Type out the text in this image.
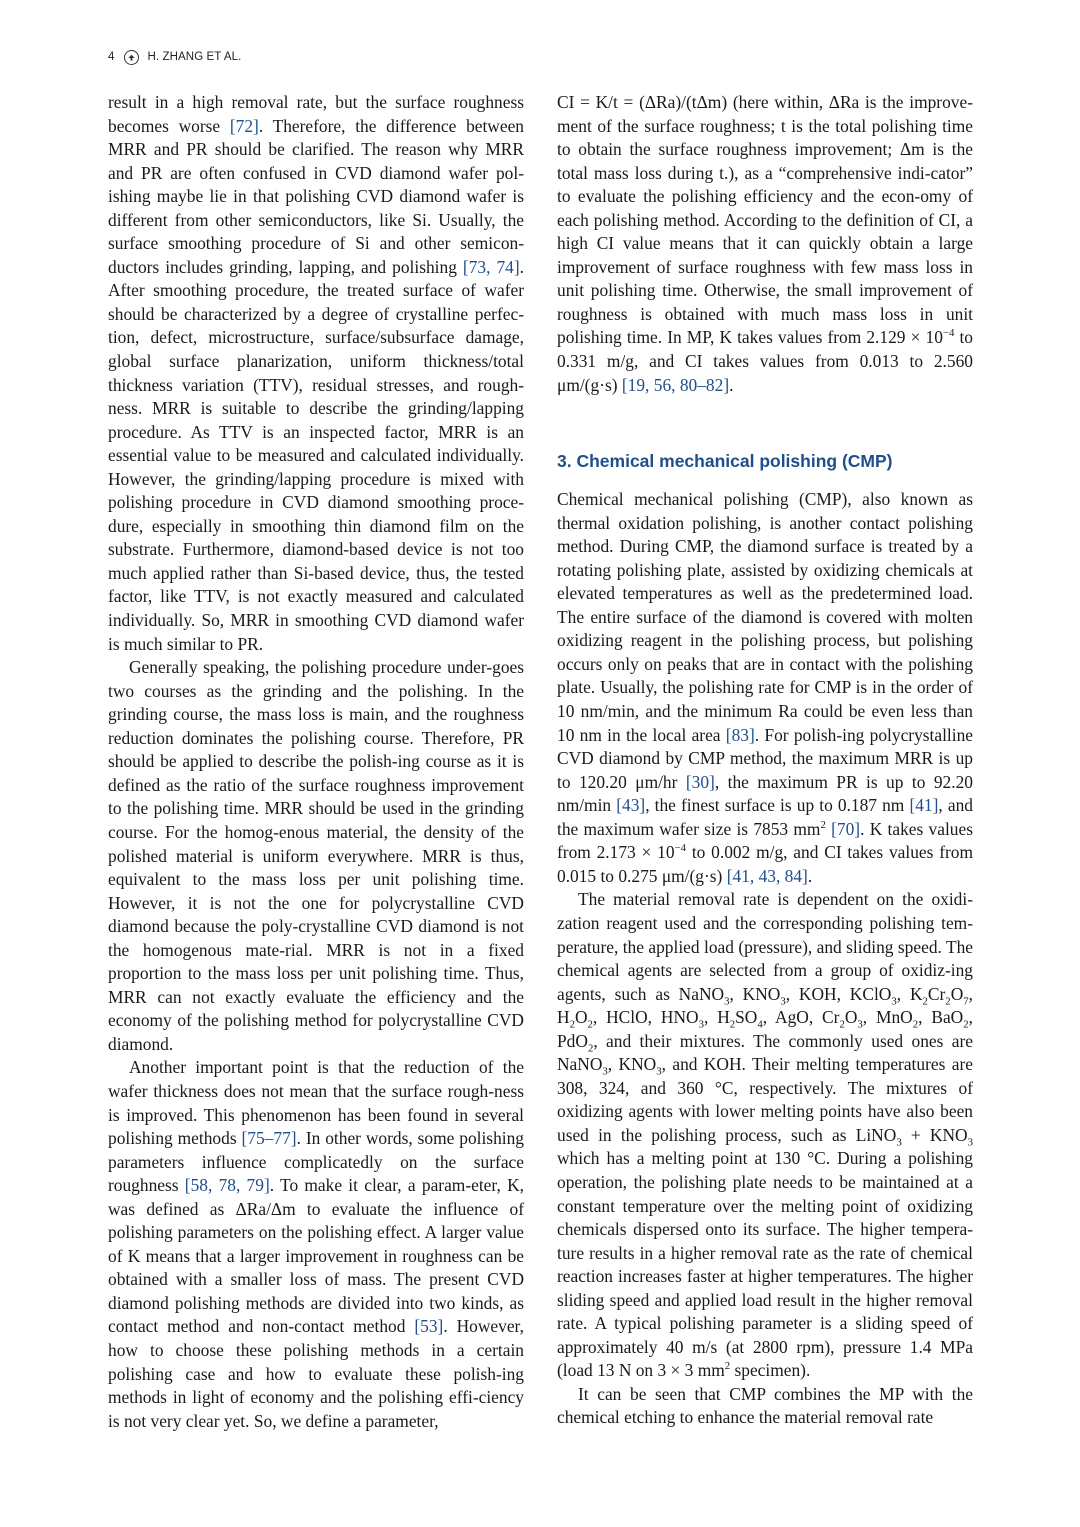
4	H. ZHANG ET AL.

result in a high removal rate, but the surface roughness becomes worse [72]. Therefore, the difference between MRR and PR should be clarified. The reason why MRR and PR are often confused in CVD diamond wafer pol-ishing maybe lie in that polishing CVD diamond wafer is different from other semiconductors, like Si. Usually, the surface smoothing procedure of Si and other semicon-ductors includes grinding, lapping, and polishing [73, 74]. After smoothing procedure, the treated surface of wafer should be characterized by a degree of crystalline perfec-tion, defect, microstructure, surface/subsurface damage, global surface planarization, uniform thickness/total thickness variation (TTV), residual stresses, and rough-ness. MRR is suitable to describe the grinding/lapping procedure. As TTV is an inspected factor, MRR is an essential value to be measured and calculated individually. However, the grinding/lapping procedure is mixed with polishing procedure in CVD diamond smoothing proce-dure, especially in smoothing thin diamond film on the substrate. Furthermore, diamond-based device is not too much applied rather than Si-based device, thus, the tested factor, like TTV, is not exactly measured and calculated individually. So, MRR in smoothing CVD diamond wafer is much similar to PR.

Generally speaking, the polishing procedure under-goes two courses as the grinding and the polishing. In the grinding course, the mass loss is main, and the roughness reduction dominates the polishing course. Therefore, PR should be applied to describe the polish-ing course as it is defined as the ratio of the surface roughness improvement to the polishing time. MRR should be used in the grinding course. For the homog-enous material, the density of the polished material is uniform everywhere. MRR is thus, equivalent to the mass loss per unit polishing time. However, it is not the one for polycrystalline CVD diamond because the poly-crystalline CVD diamond is not the homogenous mate-rial. MRR is not in a fixed proportion to the mass loss per unit polishing time. Thus, MRR can not exactly evaluate the efficiency and the economy of the polishing method for polycrystalline CVD diamond.

Another important point is that the reduction of the wafer thickness does not mean that the surface rough-ness is improved. This phenomenon has been found in several polishing methods [75–77]. In other words, some polishing parameters influence complicatedly on the surface roughness [58, 78, 79]. To make it clear, a param-eter, K, was defined as ΔRa/Δm to evaluate the influence of polishing parameters on the polishing effect. A larger value of K means that a larger improvement in roughness can be obtained with a smaller loss of mass. The present CVD diamond polishing methods are divided into two kinds, as contact method and non-contact method [53]. However, how to choose these polishing methods in a certain polishing case and how to evaluate these polish-ing methods in light of economy and the polishing effi-ciency is not very clear yet. So, we define a parameter,

CI = K/t = (ΔRa)/(tΔm) (here within, ΔRa is the improve-ment of the surface roughness; t is the total polishing time to obtain the surface roughness improvement; Δm is the total mass loss during t.), as a “comprehensive indi-cator” to evaluate the polishing efficiency and the econ-omy of each polishing method. According to the definition of CI, a high CI value means that it can quickly obtain a large improvement of surface roughness with few mass loss in unit polishing time. Otherwise, the small improvement of roughness is obtained with much mass loss in unit polishing time. In MP, K takes values from $2.129 \times 10^{-4}$ to 0.331 m/g, and CI takes values from 0.013 to 2.560 μm/(g·s) [19, 56, 80–82].

3. Chemical mechanical polishing (CMP)

Chemical mechanical polishing (CMP), also known as thermal oxidation polishing, is another contact polishing method. During CMP, the diamond surface is treated by a rotating polishing plate, assisted by oxidizing chemicals at elevated temperatures as well as the predetermined load. The entire surface of the diamond is covered with molten oxidizing reagent in the polishing process, but polishing occurs only on peaks that are in contact with the polishing plate. Usually, the polishing rate for CMP is in the order of 10 nm/min, and the minimum Ra could be even less than 10 nm in the local area [83]. For polish-ing polycrystalline CVD diamond by CMP method, the maximum MRR is up to 120.20 μm/hr [30], the maximum PR is up to 92.20 nm/min [43], the finest surface is up to 0.187 nm [41], and the maximum wafer size is 7853 $mm^2$ [70]. K takes values from $2.173 \times 10^{-4}$ to 0.002 m/g, and CI takes values from 0.015 to 0.275 μm/(g·s) [41, 43, 84].

The material removal rate is dependent on the oxidi-zation reagent used and the corresponding polishing tem-perature, the applied load (pressure), and sliding speed. The chemical agents are selected from a group of oxidiz-ing agents, such as NaNO$_3$, $KNO_3$, KOH, KClO$_3$, $K_2Cr_2O_7$, $H_2O_2$, HClO, $HNO_3$, $H_2SO_4$, AgO, $Cr_2O_3$, MnO$_2$, BaO$_2$, PdO$_2$, and their mixtures. The commonly used ones are NaNO$_3$, $KNO_3$, and KOH. Their melting temperatures are 308, 324, and 360 °C, respectively. The mixtures of oxidizing agents with lower melting points have also been used in the polishing process, such as LiNO$_3$ + $KNO_3$ which has a melting point at 130 °C. During a polishing operation, the polishing plate needs to be maintained at a constant temperature over the melting point of oxidizing chemicals dispersed onto its surface. The higher tempera-ture results in a higher removal rate as the rate of chemical reaction increases faster at higher temperatures. The higher sliding speed and applied load result in the higher removal rate. A typical polishing parameter is a sliding speed of approximately 40 m/s (at 2800 rpm), pressure 1.4 MPa (load 13 N on 3 × 3 $mm^2$ specimen).

It can be seen that CMP combines the MP with the chemical etching to enhance the material removal rate
